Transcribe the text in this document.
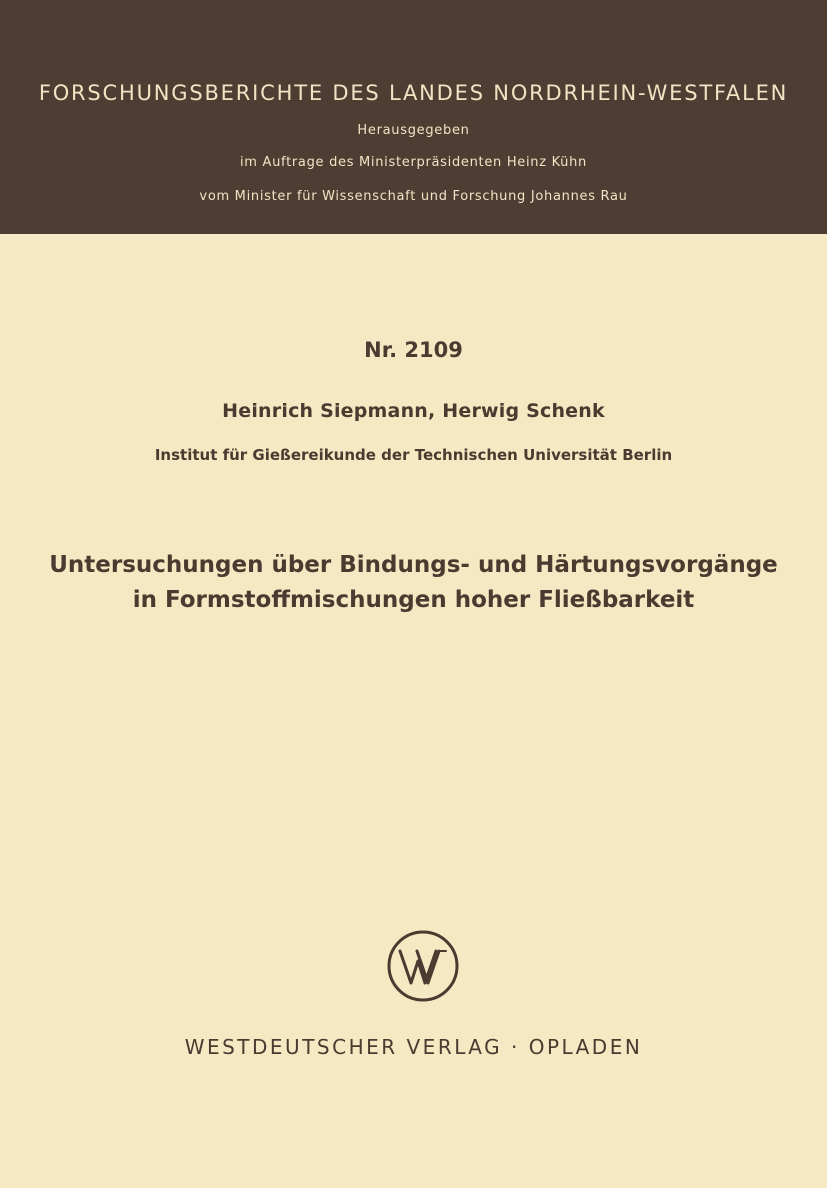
FORSCHUNGSBERICHTE DES LANDES NORDRHEIN-WESTFALEN
Herausgegeben
im Auftrage des Ministerpräsidenten Heinz Kühn
vom Minister für Wissenschaft und Forschung Johannes Rau
Nr. 2109
Heinrich Siepmann, Herwig Schenk
Institut für Gießereikunde der Technischen Universität Berlin
Untersuchungen über Bindungs- und Härtungsvorgänge
in Formstoffmischungen hoher Fließbarkeit
WESTDEUTSCHER VERLAG · OPLADEN
